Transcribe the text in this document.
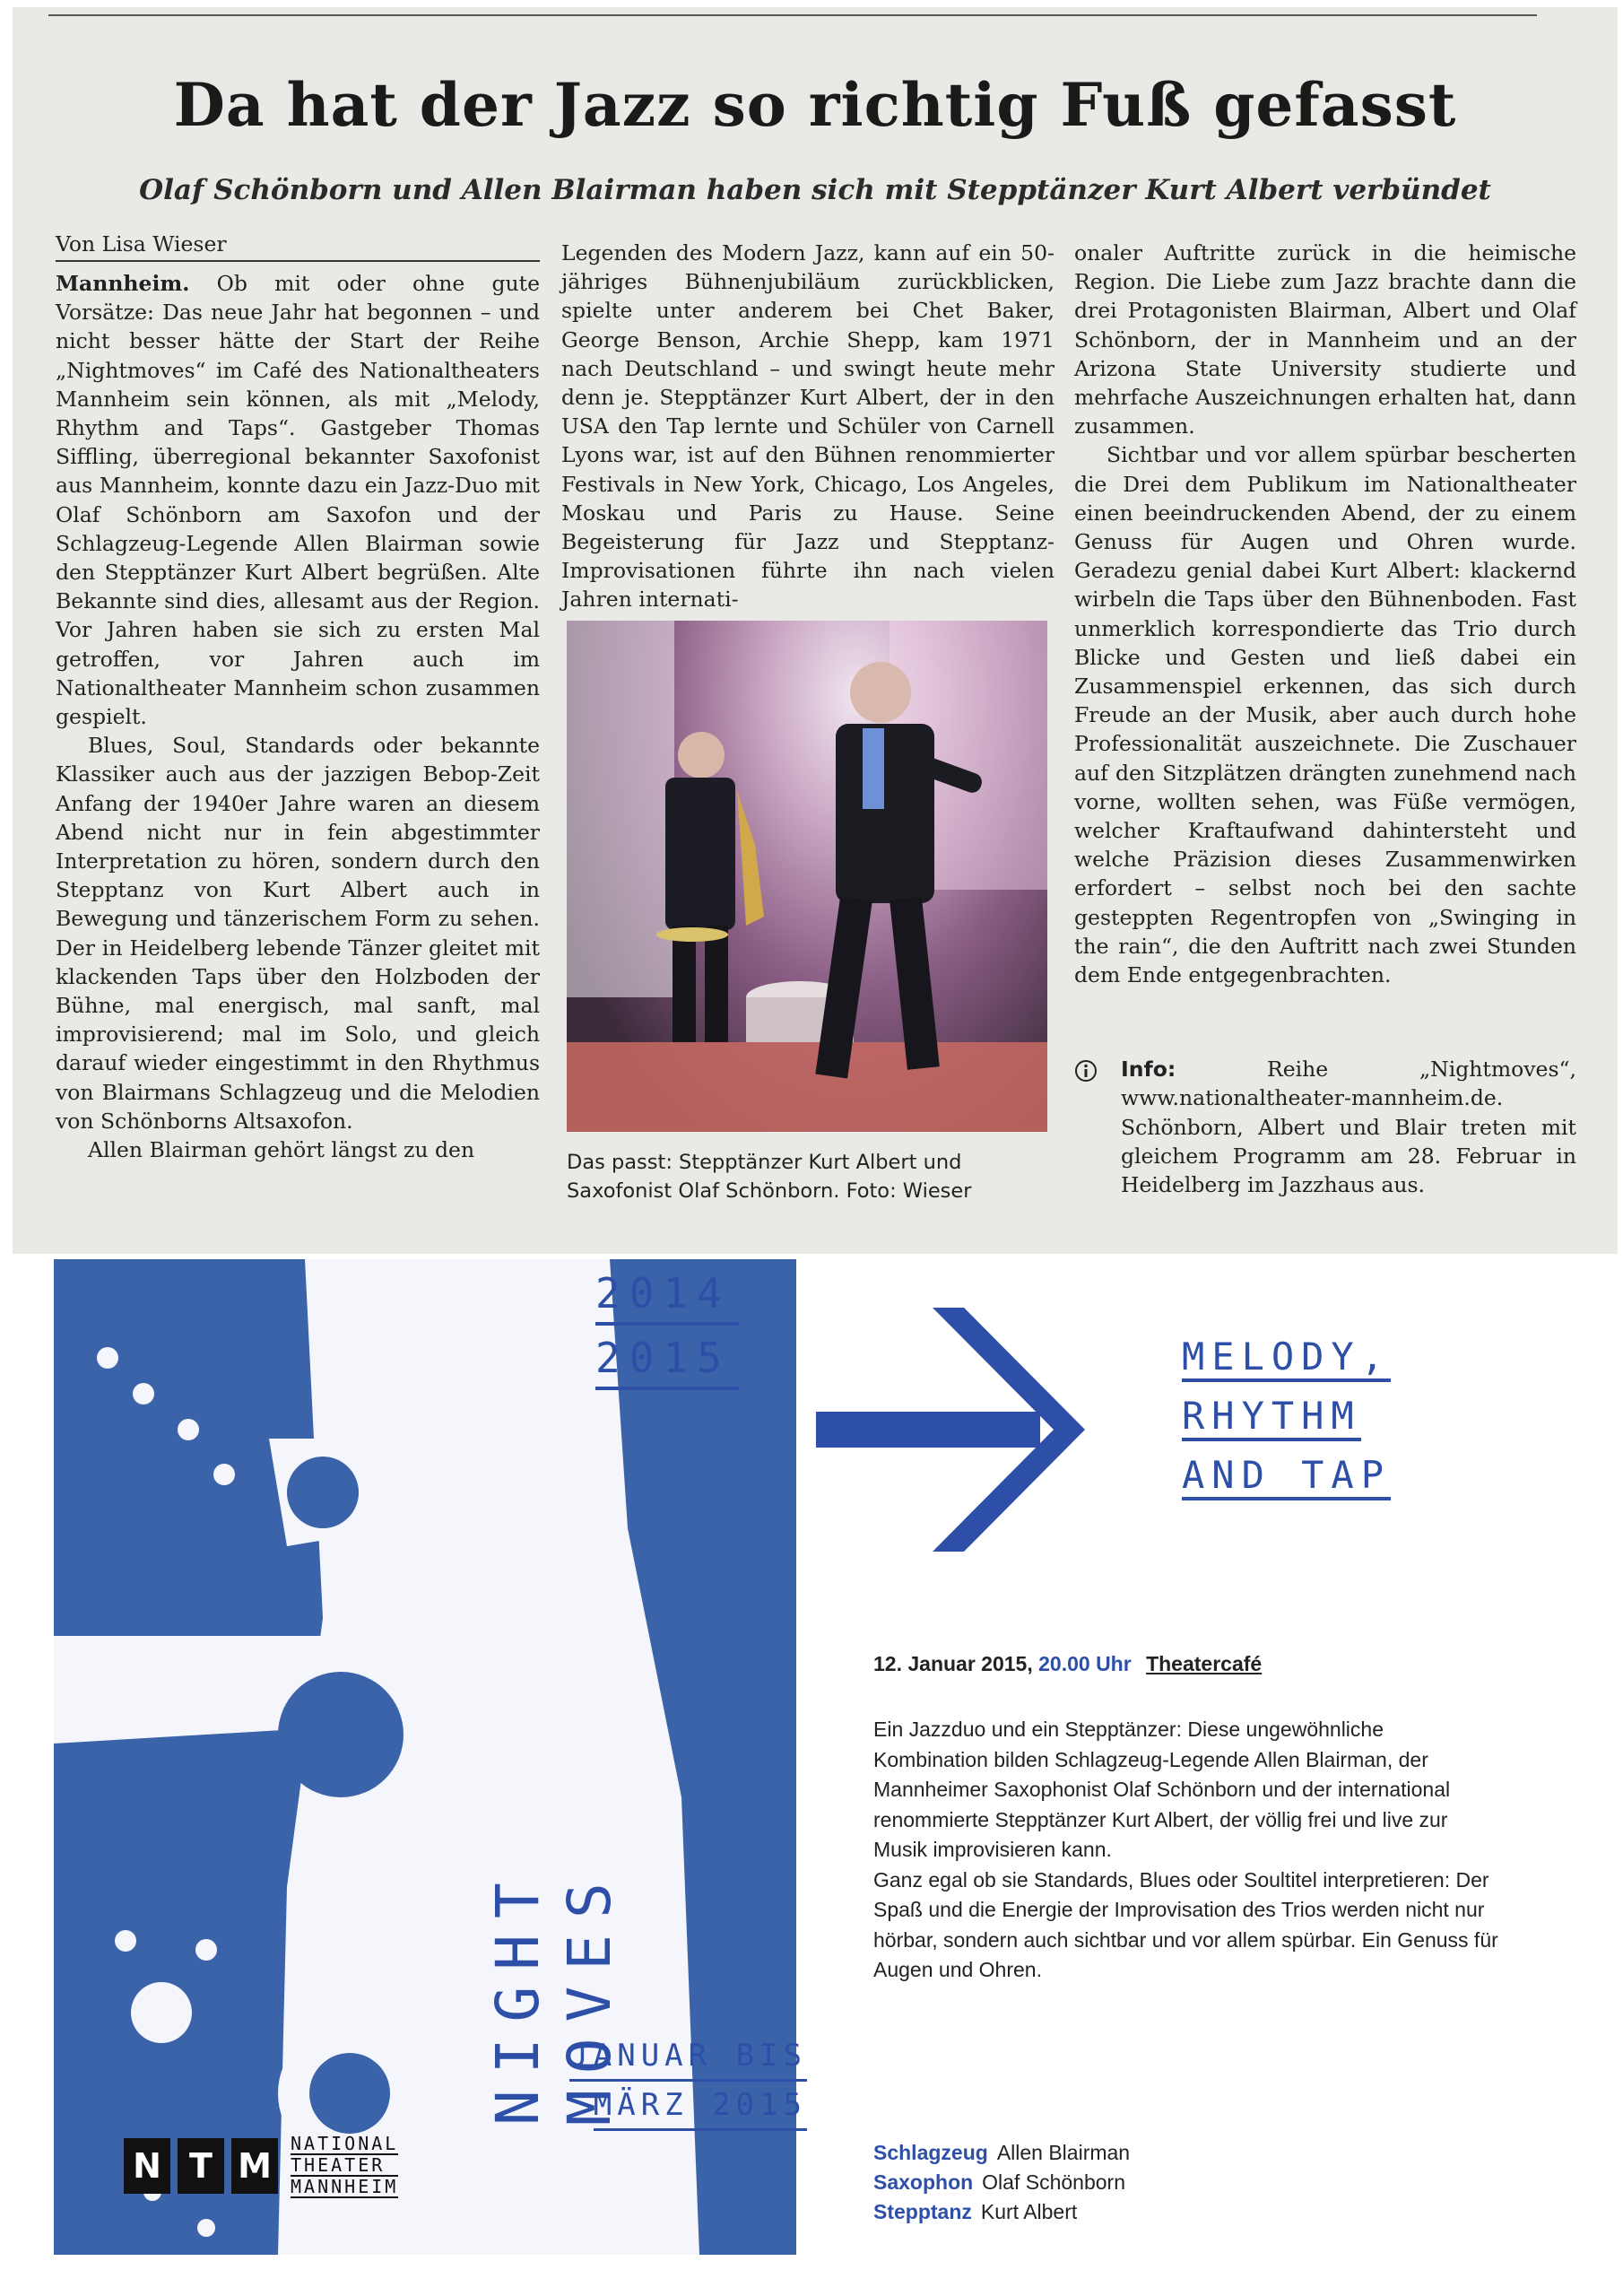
Da hat der Jazz so richtig Fuß gefasst
Olaf Schönborn und Allen Blairman haben sich mit Stepptänzer Kurt Albert verbündet
Von Lisa Wieser

Mannheim. Ob mit oder ohne gute Vorsätze: Das neue Jahr hat begonnen – und nicht besser hätte der Start der Reihe „Nightmoves“ im Café des Nationaltheaters Mannheim sein können, als mit „Melody, Rhythm and Taps“. Gastgeber Thomas Siffling, überregional bekannter Saxofonist aus Mannheim, konnte dazu ein Jazz-Duo mit Olaf Schönborn am Saxofon und der Schlagzeug-Legende Allen Blairman sowie den Stepptänzer Kurt Albert begrüßen. Alte Bekannte sind dies, allesamt aus der Region. Vor Jahren haben sie sich zu ersten Mal getroffen, vor Jahren auch im Nationaltheater Mannheim schon zusammen gespielt.

Blues, Soul, Standards oder bekannte Klassiker auch aus der jazzigen Bebop-Zeit Anfang der 1940er Jahre waren an diesem Abend nicht nur in fein abgestimmter Interpretation zu hören, sondern durch den Stepptanz von Kurt Albert auch in Bewegung und tänzerischem Form zu sehen. Der in Heidelberg lebende Tänzer gleitet mit klackenden Taps über den Holzboden der Bühne, mal energisch, mal sanft, mal improvisierend; mal im Solo, und gleich darauf wieder eingestimmt in den Rhythmus von Blairmans Schlagzeug und die Melodien von Schönborns Altsaxofon.

Allen Blairman gehört längst zu den

Legenden des Modern Jazz, kann auf ein 50-jähriges Bühnenjubiläum zurückblicken, spielte unter anderem bei Chet Baker, George Benson, Archie Shepp, kam 1971 nach Deutschland – und swingt heute mehr denn je. Stepptänzer Kurt Albert, der in den USA den Tap lernte und Schüler von Carnell Lyons war, ist auf den Bühnen renommierter Festivals in New York, Chicago, Los Angeles, Moskau und Paris zu Hause. Seine Begeisterung für Jazz und Stepptanz-Improvisationen führte ihn nach vielen Jahren internati-

Das passt: Stepptänzer Kurt Albert und Saxofonist Olaf Schönborn. Foto: Wieser

onaler Auftritte zurück in die heimische Region. Die Liebe zum Jazz brachte dann die drei Protagonisten Blairman, Albert und Olaf Schönborn, der in Mannheim und an der Arizona State University studierte und mehrfache Auszeichnungen erhalten hat, dann zusammen.

Sichtbar und vor allem spürbar bescherten die Drei dem Publikum im Nationaltheater einen beeindruckenden Abend, der zu einem Genuss für Augen und Ohren wurde. Geradezu genial dabei Kurt Albert: klackernd wirbeln die Taps über den Bühnenboden. Fast unmerklich korrespondierte das Trio durch Blicke und Gesten und ließ dabei ein Zusammenspiel erkennen, das sich durch Freude an der Musik, aber auch durch hohe Professionalität auszeichnete. Die Zuschauer auf den Sitzplätzen drängten zunehmend nach vorne, wollten sehen, was Füße vermögen, welcher Kraftaufwand dahintersteht und welche Präzision dieses Zusammenwirken erfordert – selbst noch bei den sachte gesteppten Regentropfen von „Swinging in the rain“, die den Auftritt nach zwei Stunden dem Ende entgegenbrachten.

Info:	Reihe „Nightmoves“, www.nationaltheater-mannheim.de. Schönborn, Albert und Blair treten mit gleichem Programm am 28. Februar in Heidelberg im Jazzhaus aus.
2014
2015
NIGHT MOVES
JANUAR BIS
MÄRZ 2015
N T M
NATIONAL
THEATER
MANNHEIM
MELODY,
RHYTHM
AND TAP
12. Januar 2015, 20.00 Uhr Theatercafé

Ein Jazzduo und ein Stepptänzer: Diese ungewöhnliche Kombination bilden Schlagzeug-Legende Allen Blairman, der Mannheimer Saxophonist Olaf Schönborn und der international renommierte Stepptänzer Kurt Albert, der völlig frei und live zur Musik improvisieren kann.

Ganz egal ob sie Standards, Blues oder Soultitel interpretieren: Der Spaß und die Energie der Improvisation des Trios werden nicht nur hörbar, sondern auch sichtbar und vor allem spürbar. Ein Genuss für Augen und Ohren.

Schlagzeug Allen Blairman
Saxophon Olaf Schönborn
Stepptanz Kurt Albert
